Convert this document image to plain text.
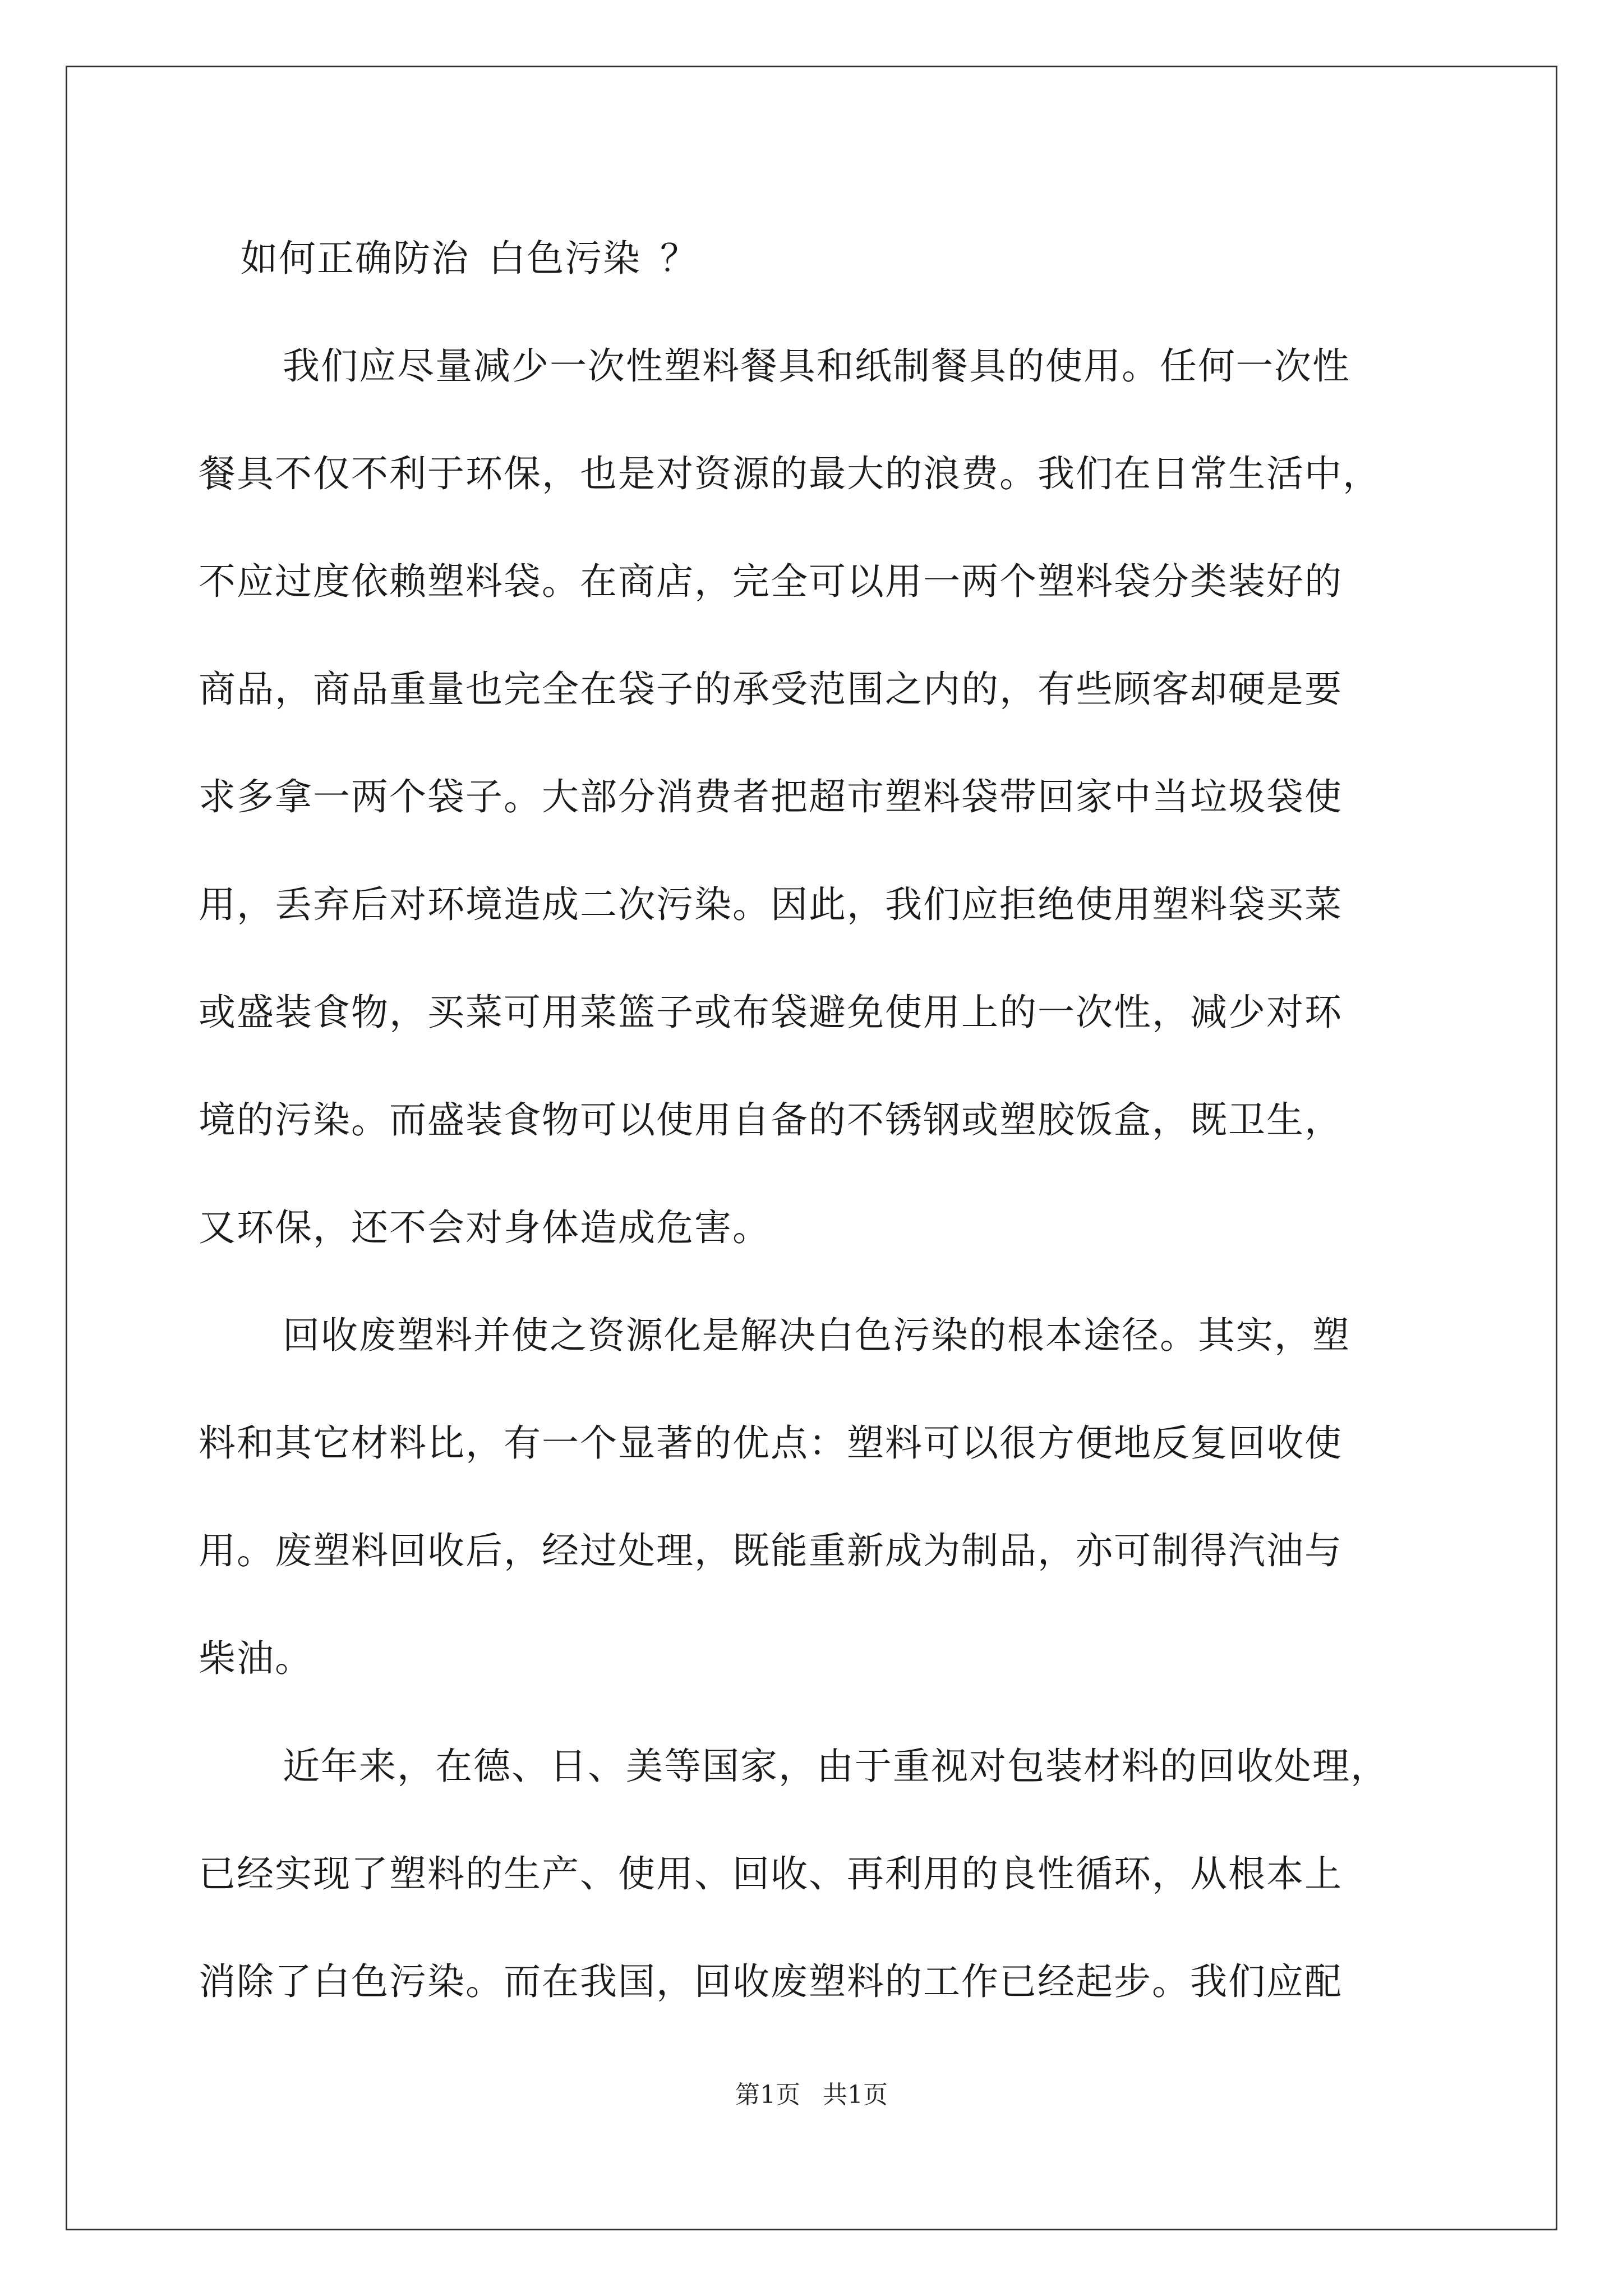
如何正确防治 白色污染 ？
我们应尽量减少一次性塑料餐具和纸制餐具的使用。任何一次性
餐具不仅不利于环保，也是对资源的最大的浪费。我们在日常生活中，
不应过度依赖塑料袋。在商店，完全可以用一两个塑料袋分类装好的
商品，商品重量也完全在袋子的承受范围之内的，有些顾客却硬是要
求多拿一两个袋子。大部分消费者把超市塑料袋带回家中当垃圾袋使
用，丢弃后对环境造成二次污染。因此，我们应拒绝使用塑料袋买菜
或盛装食物，买菜可用菜篮子或布袋避免使用上的一次性，减少对环
境的污染。而盛装食物可以使用自备的不锈钢或塑胶饭盒，既卫生，
又环保，还不会对身体造成危害。
回收废塑料并使之资源化是解决白色污染的根本途径。其实，塑
料和其它材料比，有一个显著的优点：塑料可以很方便地反复回收使
用。废塑料回收后，经过处理，既能重新成为制品，亦可制得汽油与
柴油。
近年来，在德、日、美等国家，由于重视对包装材料的回收处理，
已经实现了塑料的生产、使用、回收、再利用的良性循环，从根本上
消除了白色污染。而在我国，回收废塑料的工作已经起步。我们应配
第1页 共1页
